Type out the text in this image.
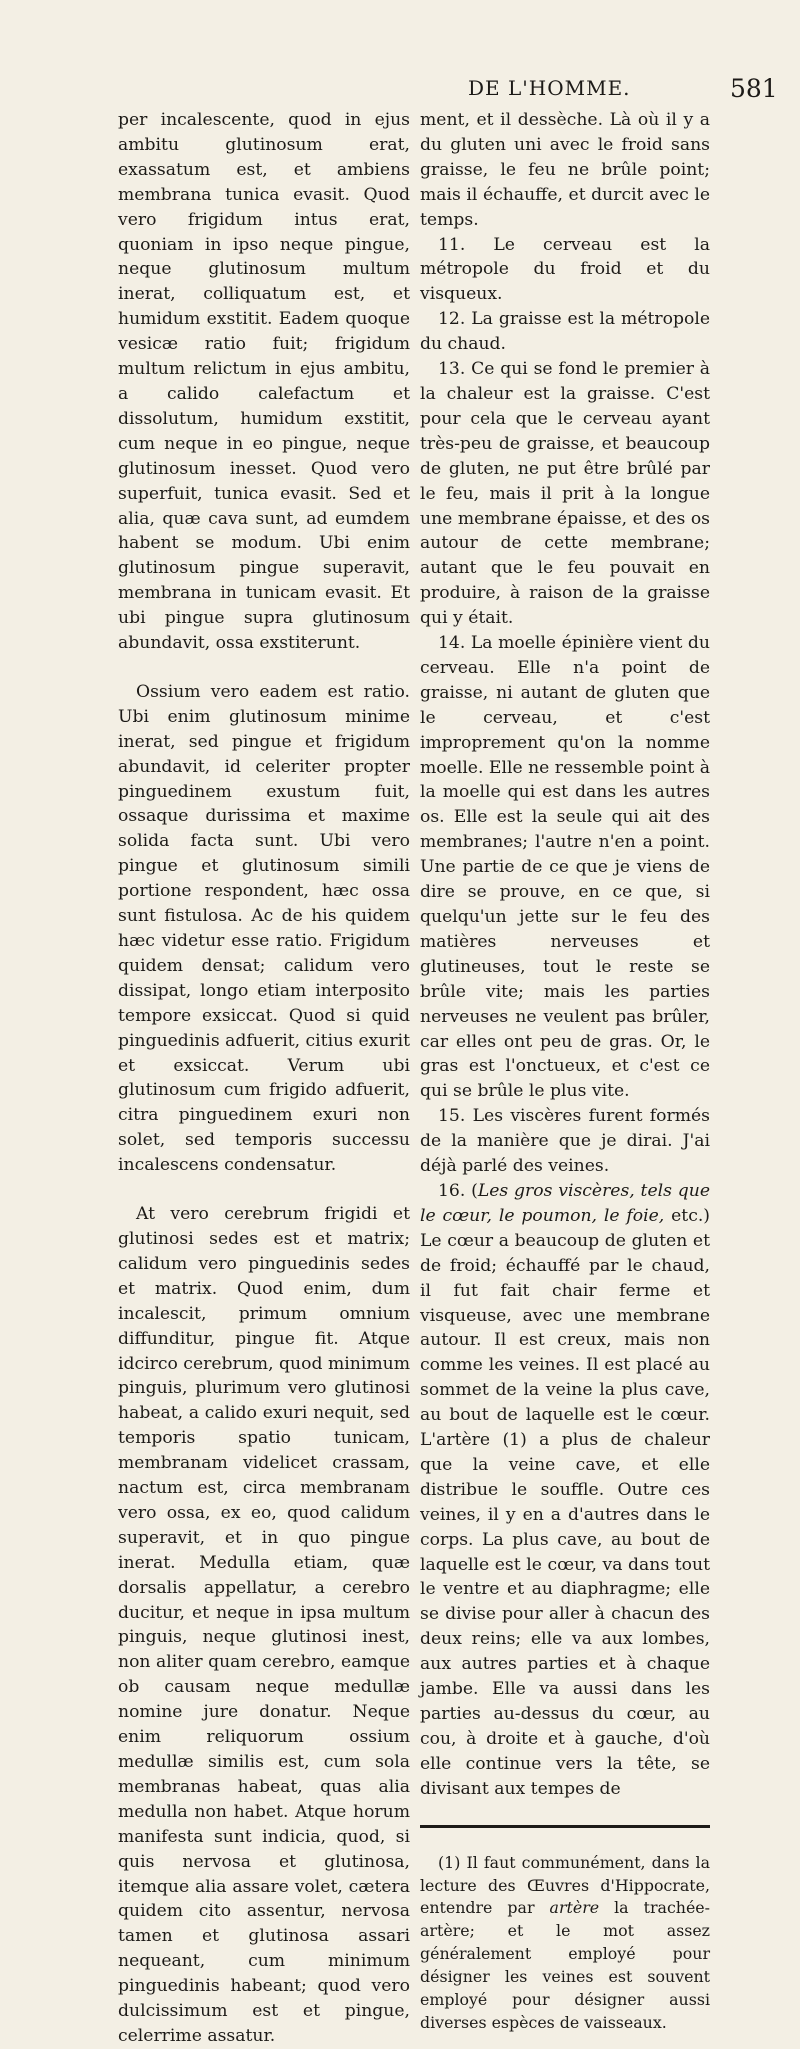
DE L'HOMME.	581

per incalescente, quod in ejus ambitu glutinosum erat, exassatum est, et ambiens membrana tunica evasit. Quod vero frigidum intus erat, quoniam in ipso neque pingue, neque glutinosum multum inerat, colliquatum est, et humidum exstitit. Eadem quoque vesicæ ratio fuit; frigidum multum relictum in ejus ambitu, a calido calefactum et dissolutum, humidum exstitit, cum neque in eo pingue, neque glutinosum inesset. Quod vero superfuit, tunica evasit. Sed et alia, quæ cava sunt, ad eumdem habent se modum. Ubi enim glutinosum pingue superavit, membrana in tunicam evasit. Et ubi pingue supra glutinosum abundavit, ossa exstiterunt.

Ossium vero eadem est ratio. Ubi enim glutinosum minime inerat, sed pingue et frigidum abundavit, id celeriter propter pinguedinem exustum fuit, ossaque durissima et maxime solida facta sunt. Ubi vero pingue et glutinosum simili portione respondent, hæc ossa sunt fistulosa. Ac de his quidem hæc videtur esse ratio. Frigidum quidem densat; calidum vero dissipat, longo etiam interposito tempore exsiccat. Quod si quid pinguedinis adfuerit, citius exurit et exsiccat. Verum ubi glutinosum cum frigido adfuerit, citra pinguedinem exuri non solet, sed temporis successu incalescens condensatur.

At vero cerebrum frigidi et glutinosi sedes est et matrix; calidum vero pinguedinis sedes et matrix. Quod enim, dum incalescit, primum omnium diffunditur, pingue fit. Atque idcirco cerebrum, quod minimum pinguis, plurimum vero glutinosi habeat, a calido exuri nequit, sed temporis spatio tunicam, membranam videlicet crassam, nactum est, circa membranam vero ossa, ex eo, quod calidum superavit, et in quo pingue inerat. Medulla etiam, quæ dorsalis appellatur, a cerebro ducitur, et neque in ipsa multum pinguis, neque glutinosi inest, non aliter quam cerebro, eamque ob causam neque medullæ nomine jure donatur. Neque enim reliquorum ossium medullæ similis est, cum sola membranas habeat, quas alia medulla non habet. Atque horum manifesta sunt indicia, quod, si quis nervosa et glutinosa, itemque alia assare volet, cætera quidem cito assentur, nervosa tamen et glutinosa assari nequeant, cum minimum pinguedinis habeant; quod vero dulcissimum est et pingue, celerrime assatur.

ment, et il dessèche. Là où il y a du gluten uni avec le froid sans graisse, le feu ne brûle point; mais il échauffe, et durcit avec le temps.

11. Le cerveau est la métropole du froid et du visqueux.

12. La graisse est la métropole du chaud.

13. Ce qui se fond le premier à la chaleur est la graisse. C'est pour cela que le cerveau ayant très-peu de graisse, et beaucoup de gluten, ne put être brûlé par le feu, mais il prit à la longue une membrane épaisse, et des os autour de cette membrane; autant que le feu pouvait en produire, à raison de la graisse qui y était.

14. La moelle épinière vient du cerveau. Elle n'a point de graisse, ni autant de gluten que le cerveau, et c'est improprement qu'on la nomme moelle. Elle ne ressemble point à la moelle qui est dans les autres os. Elle est la seule qui ait des membranes; l'autre n'en a point. Une partie de ce que je viens de dire se prouve, en ce que, si quelqu'un jette sur le feu des matières nerveuses et glutineuses, tout le reste se brûle vite; mais les parties nerveuses ne veulent pas brûler, car elles ont peu de gras. Or, le gras est l'onctueux, et c'est ce qui se brûle le plus vite.

15. Les viscères furent formés de la manière que je dirai. J'ai déjà parlé des veines.

16. (Les gros viscères, tels que le cœur, le poumon, le foie, etc.) Le cœur a beaucoup de gluten et de froid; échauffé par le chaud, il fut fait chair ferme et visqueuse, avec une membrane autour. Il est creux, mais non comme les veines. Il est placé au sommet de la veine la plus cave, au bout de laquelle est le cœur. L'artère (1) a plus de chaleur que la veine cave, et elle distribue le souffle. Outre ces veines, il y en a d'autres dans le corps. La plus cave, au bout de laquelle est le cœur, va dans tout le ventre et au diaphragme; elle se divise pour aller à chacun des deux reins; elle va aux lombes, aux autres parties et à chaque jambe. Elle va aussi dans les parties au-dessus du cœur, au cou, à droite et à gauche, d'où elle continue vers la tête, se divisant aux tempes de

(1) Il faut communément, dans la lecture des Œuvres d'Hippocrate, entendre par artère la trachée-artère; et le mot assez généralement employé pour désigner les veines est souvent employé pour désigner aussi diverses espèces de vaisseaux.
